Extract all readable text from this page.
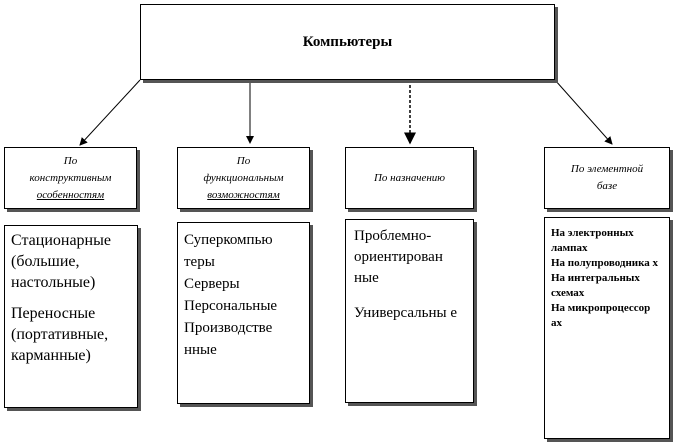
Компьютеры
По
конструктивным
особенностям

Стационарные (большие, настольные)

Переносные (портативные, карманные)

По
функциональным
возможностям
Суперкомпью теры
Серверы
Персональные
Производстве нные
По назначению

Проблемно-ориентирован ные

Универсальны е

По элементной
базе
На электронных лампах
На полупроводника х
На интегральных схемах
На микропроцессор ах
